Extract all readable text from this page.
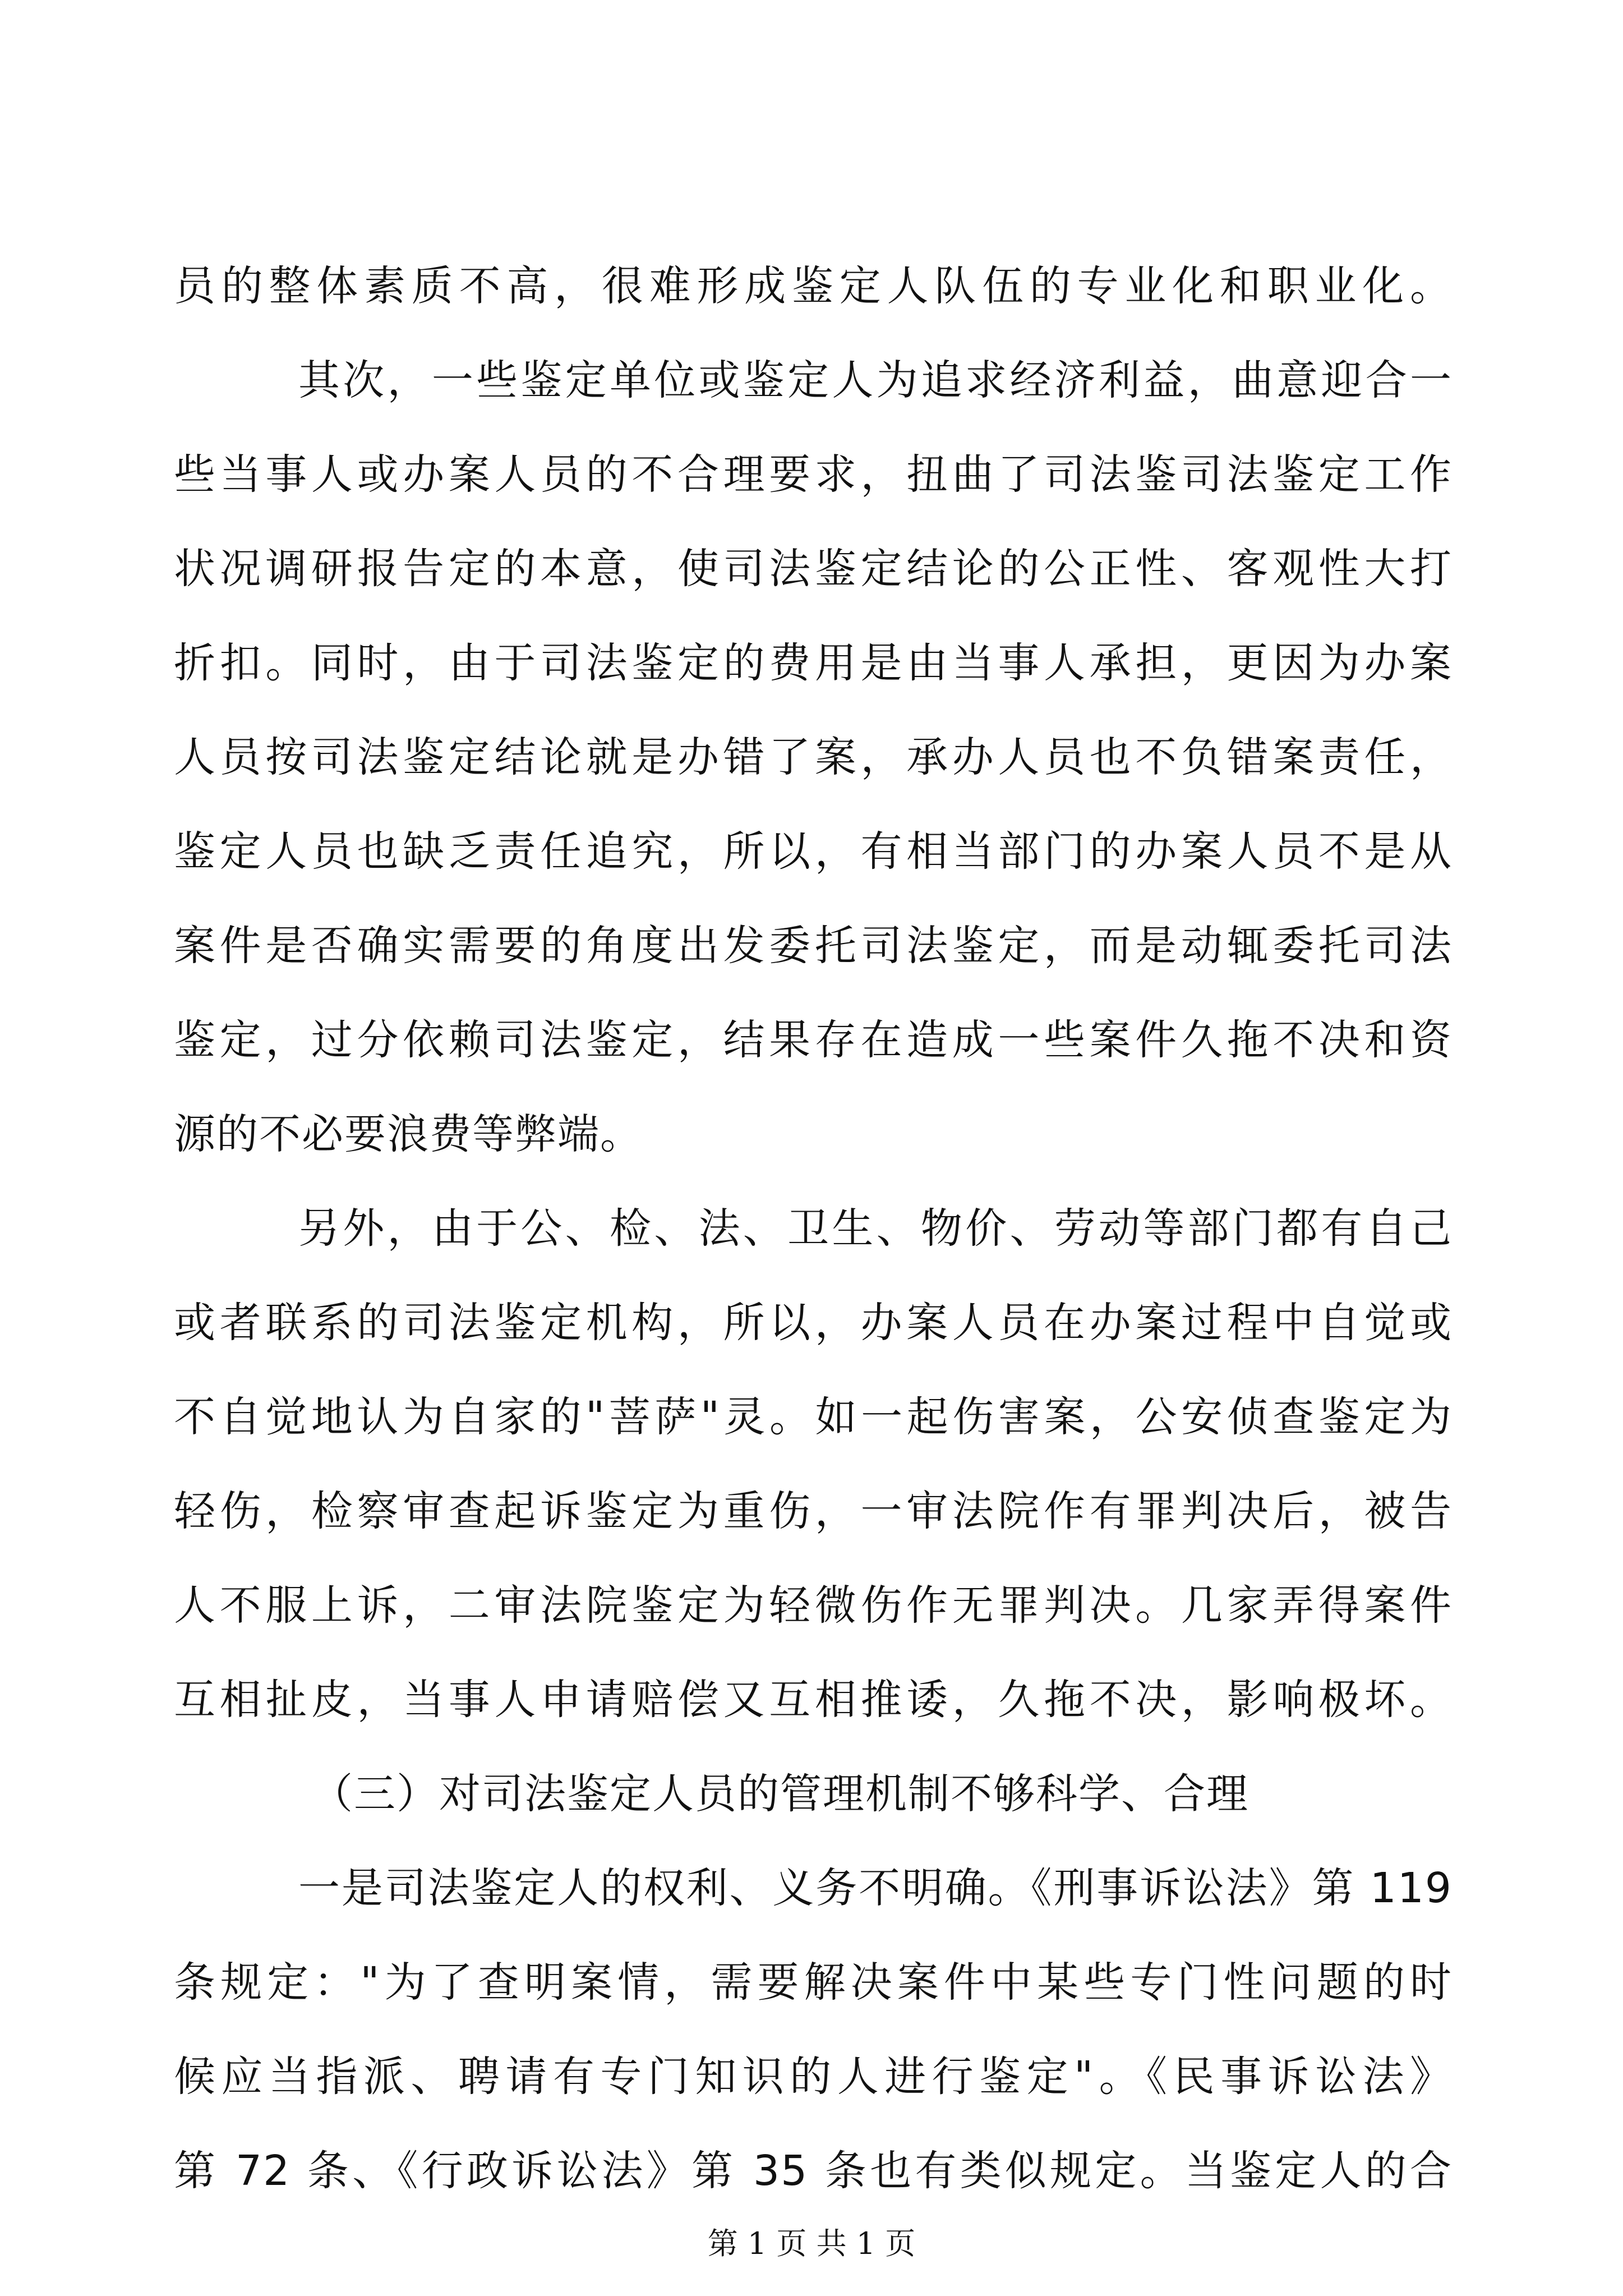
员的整体素质不高，很难形成鉴定人队伍的专业化和职业化。
其次，一些鉴定单位或鉴定人为追求经济利益，曲意迎合一
些当事人或办案人员的不合理要求，扭曲了司法鉴司法鉴定工作
状况调研报告定的本意，使司法鉴定结论的公正性、客观性大打
折扣。同时，由于司法鉴定的费用是由当事人承担，更因为办案
人员按司法鉴定结论就是办错了案，承办人员也不负错案责任，
鉴定人员也缺乏责任追究，所以，有相当部门的办案人员不是从
案件是否确实需要的角度出发委托司法鉴定，而是动辄委托司法
鉴定，过分依赖司法鉴定，结果存在造成一些案件久拖不决和资
源的不必要浪费等弊端。
另外，由于公、检、法、卫生、物价、劳动等部门都有自己
或者联系的司法鉴定机构，所以，办案人员在办案过程中自觉或
不自觉地认为自家的"菩萨"灵。如一起伤害案，公安侦查鉴定为
轻伤，检察审查起诉鉴定为重伤，一审法院作有罪判决后，被告
人不服上诉，二审法院鉴定为轻微伤作无罪判决。几家弄得案件
互相扯皮，当事人申请赔偿又互相推诿，久拖不决，影响极坏。
（三）对司法鉴定人员的管理机制不够科学、合理
一是司法鉴定人的权利、义务不明确。《刑事诉讼法》第 119
条规定："为了查明案情，需要解决案件中某些专门性问题的时
候应当指派、聘请有专门知识的人进行鉴定"。《民事诉讼法》
第 72 条、《行政诉讼法》第 35 条也有类似规定。当鉴定人的合
第 1 页 共 1 页
